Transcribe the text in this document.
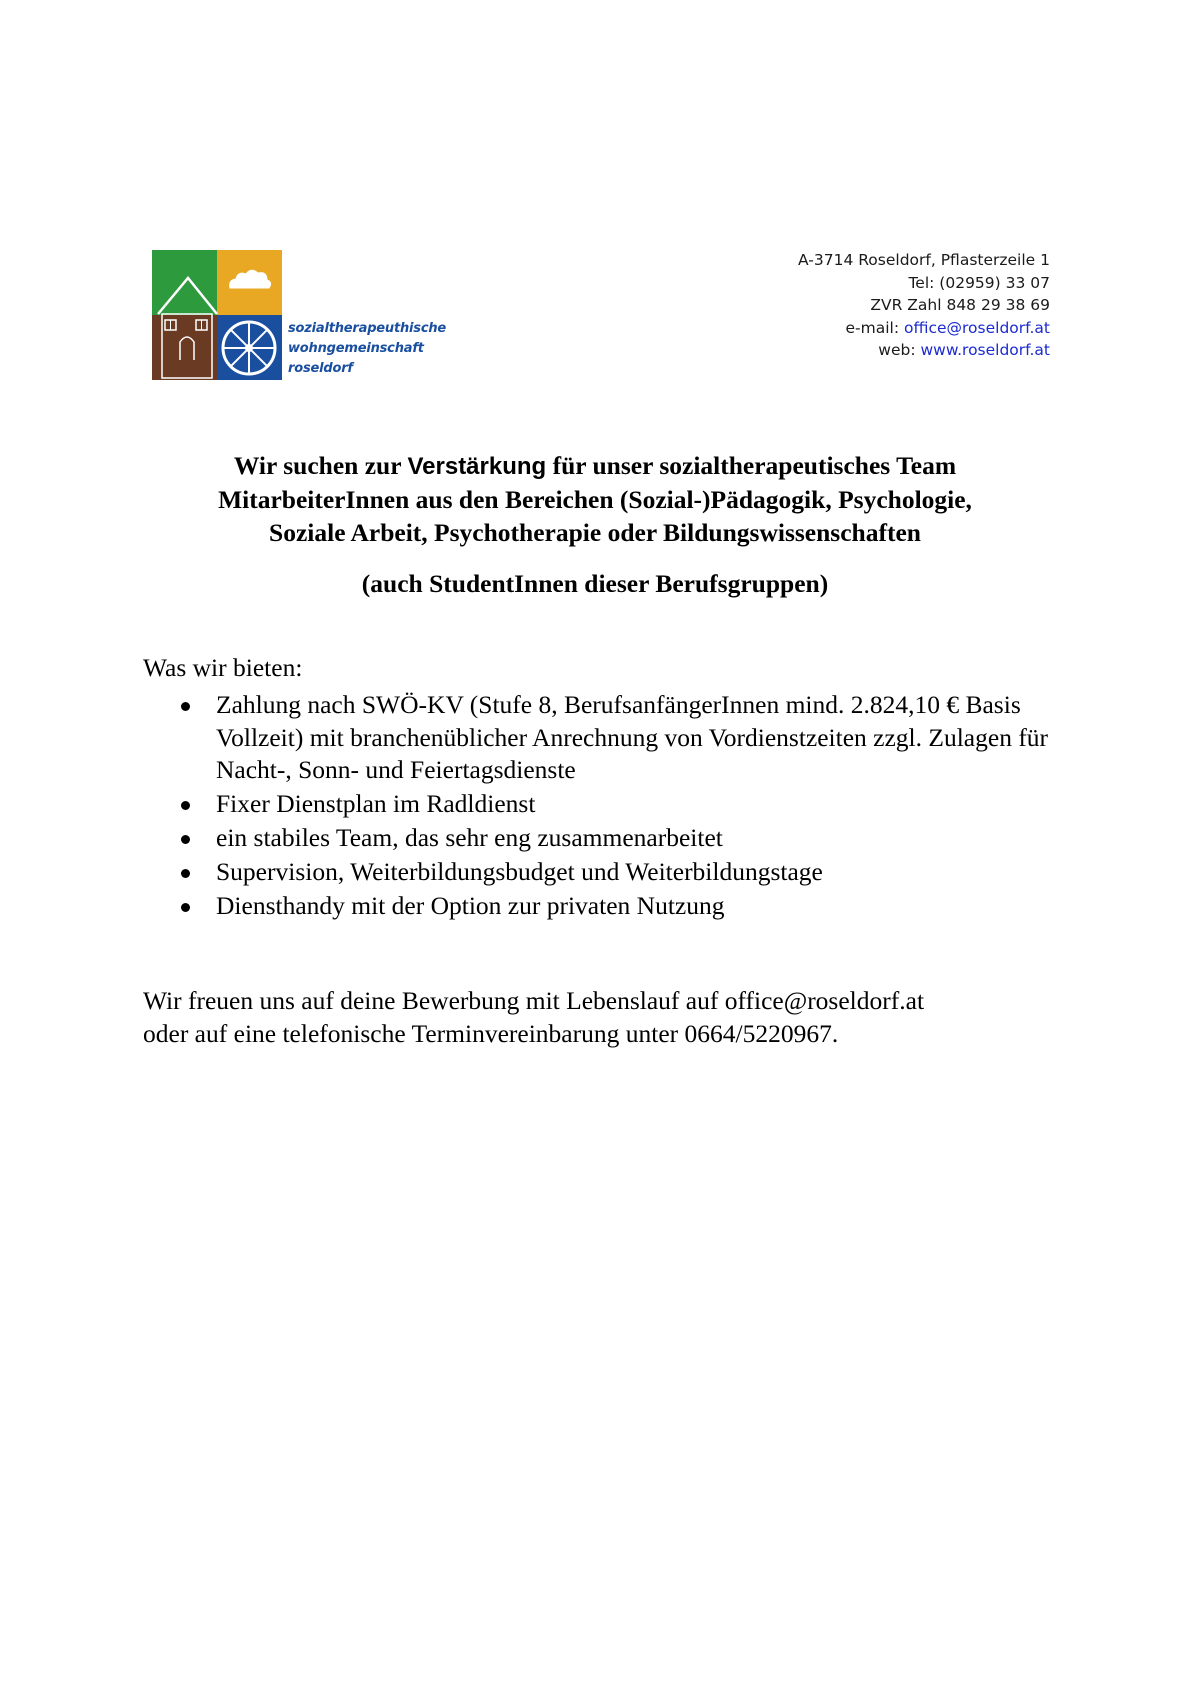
sozialtherapeuthische
wohngemeinschaft
roseldorf
A-3714 Roseldorf, Pflasterzeile 1
Tel: (02959) 33 07
ZVR Zahl 848 29 38 69
e-mail: office@roseldorf.at
web: www.roseldorf.at
Wir suchen zur Verstärkung für unser sozialtherapeutisches Team
MitarbeiterInnen aus den Bereichen (Sozial-)Pädagogik, Psychologie,
Soziale Arbeit, Psychotherapie oder Bildungswissenschaften
(auch StudentInnen dieser Berufsgruppen)
Was wir bieten:
Zahlung nach SWÖ-KV (Stufe 8, BerufsanfängerInnen mind. 2.824,10 € Basis Vollzeit) mit branchenüblicher Anrechnung von Vordienstzeiten zzgl. Zulagen für Nacht-, Sonn- und Feiertagsdienste
Fixer Dienstplan im Radldienst
ein stabiles Team, das sehr eng zusammenarbeitet
Supervision, Weiterbildungsbudget und Weiterbildungstage
Diensthandy mit der Option zur privaten Nutzung
Wir freuen uns auf deine Bewerbung mit Lebenslauf auf office@roseldorf.at
oder auf eine telefonische Terminvereinbarung unter 0664/5220967.
